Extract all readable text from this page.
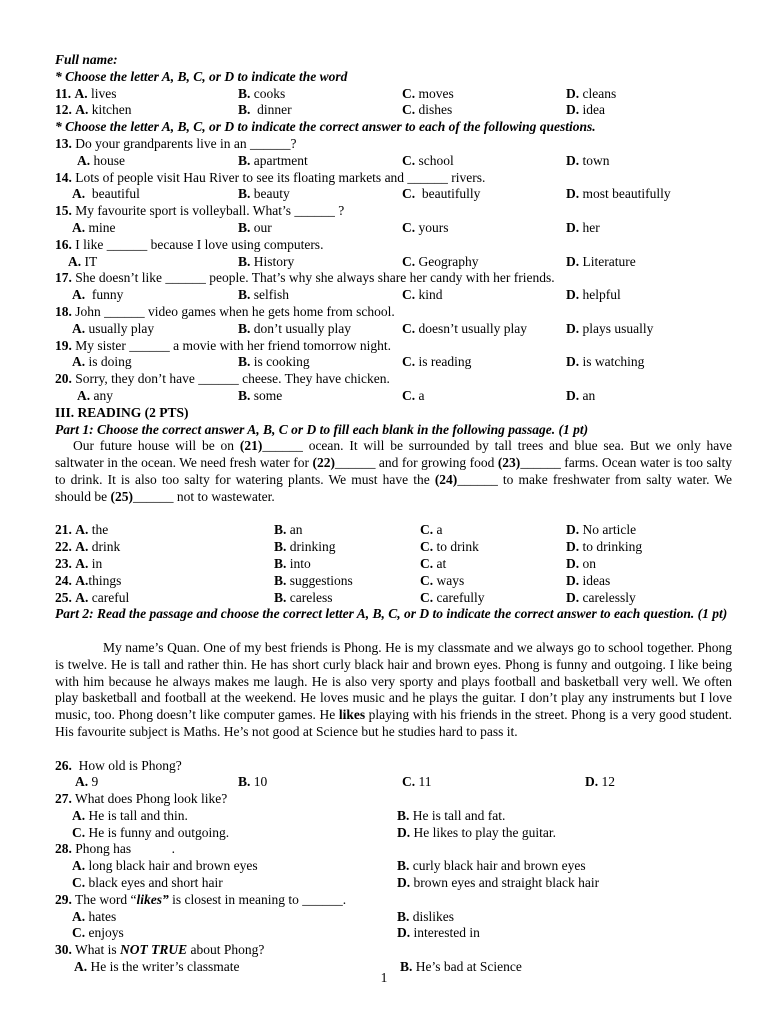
Full name:
* Choose the letter A, B, C, or D to indicate the word
11. A. lives	B. cooks	C. moves	D. cleans
12. A. kitchen	B. dinner	C. dishes	D. idea
* Choose the letter A, B, C, or D to indicate the correct answer to each of the following questions.
13. Do your grandparents live in an ______?
A. house	B. apartment	C. school	D. town
14. Lots of people visit Hau River to see its floating markets and ______ rivers.
A. beautiful	B. beauty	C. beautifully	D. most beautifully
15. My favourite sport is volleyball. What’s ______ ?
A. mine	B. our	C. yours	D. her
16. I like ______ because I love using computers.
A. IT	B. History	C. Geography	D. Literature
17. She doesn’t like ______ people. That’s why she always share her candy with her friends.
A. funny	B. selfish	C. kind	D. helpful
18. John ______ video games when he gets home from school.
A. usually play	B. don’t usually play	C. doesn’t usually play	D. plays usually
19. My sister ______ a movie with her friend tomorrow night.
A. is doing	B. is cooking	C. is reading	D. is watching
20. Sorry, they don’t have ______ cheese. They have chicken.
A. any	B. some	C. a	D. an
III. READING (2 PTS)
Part 1: Choose the correct answer A, B, C or D to fill each blank in the following passage. (1 pt)
Our future house will be on (21)______ ocean. It will be surrounded by tall trees and blue sea. But we only have saltwater in the ocean. We need fresh water for (22)______ and for growing food (23)______ farms. Ocean water is too salty to drink. It is also too salty for watering plants. We must have the (24)______ to make freshwater from salty water. We should be (25)______ not to wastewater.
21. A. the	B. an	C. a	D. No article
22. A. drink	B. drinking	C. to drink	D. to drinking
23. A. in	B. into	C. at	D. on
24. A.things	B. suggestions	C. ways	D. ideas
25. A. careful	B. careless	C. carefully	D. carelessly
Part 2: Read the passage and choose the correct letter A, B, C, or D to indicate the correct answer to each question. (1 pt)
My name’s Quan. One of my best friends is Phong. He is my classmate and we always go to school together. Phong is twelve. He is tall and rather thin. He has short curly black hair and brown eyes. Phong is funny and outgoing. I like being with him because he always makes me laugh. He is also very sporty and plays football and basketball very well. We often play basketball and football at the weekend. He loves music and he plays the guitar. I don’t play any instruments but I love music, too. Phong doesn’t like computer games. He likes playing with his friends in the street. Phong is a very good student. His favourite subject is Maths. He’s not good at Science but he studies hard to pass it.
26. How old is Phong?
A. 9	B. 10	C. 11	D. 12
27. What does Phong look like?
A. He is tall and thin.	B. He is tall and fat.
C. He is funny and outgoing.	D. He likes to play the guitar.
28. Phong has            .
A. long black hair and brown eyes	B. curly black hair and brown eyes
C. black eyes and short hair	D. brown eyes and straight black hair
29. The word “likes” is closest in meaning to ______.
A. hates	B. dislikes
C. enjoys	D. interested in
30. What is NOT TRUE about Phong?
A. He is the writer’s classmate	B. He’s bad at Science
1
